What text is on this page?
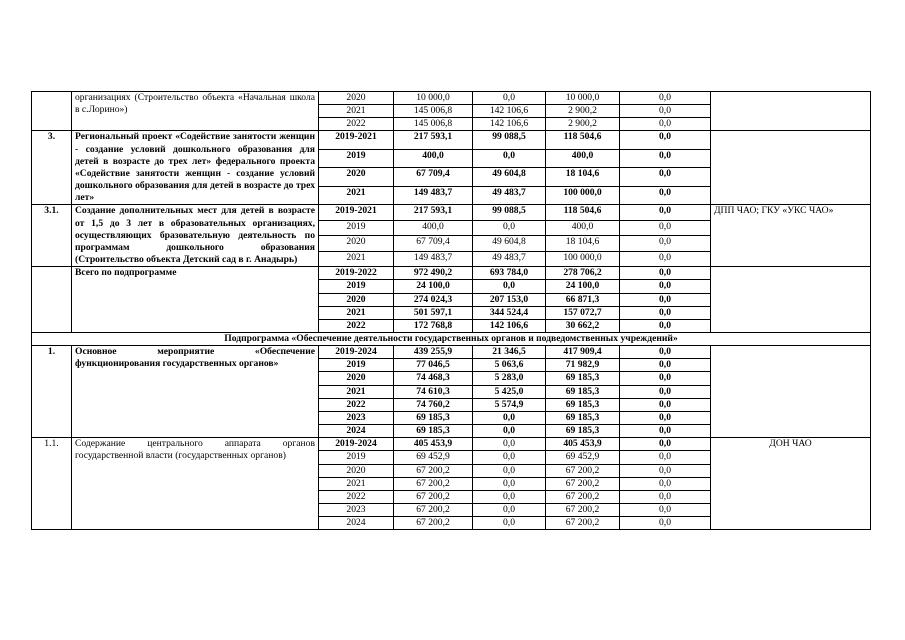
	организациях (Строительство объекта «Начальная школа в с.Лорино»)	2020	10 000,0	0,0	10 000,0	0,0	
		2021	145 006,8	142 106,6	2 900,2	0,0	
		2022	145 006,8	142 106,6	2 900,2	0,0	
3.	Региональный проект «Содействие занятости женщин - создание условий дошкольного образования для детей в возрасте до трех лет» федерального проекта «Содействие занятости женщин - создание условий дошкольного образования для детей в возрасте до трех лет»	2019-2021	217 593,1	99 088,5	118 504,6	0,0	
		2019	400,0	0,0	400,0	0,0	
		2020	67 709,4	49 604,8	18 104,6	0,0	
		2021	149 483,7	49 483,7	100 000,0	0,0	
3.1.	Создание дополнительных мест для детей в возрасте от 1,5 до 3 лет в образовательных организациях, осуществляющих бразовательную деятельность по программам дошкольного образования (Строительство объекта Детский сад в г. Анадырь)	2019-2021	217 593,1	99 088,5	118 504,6	0,0	ДПП ЧАО; ГКУ «УКС ЧАО»
		2019	400,0	0,0	400,0	0,0	
		2020	67 709,4	49 604,8	18 104,6	0,0	
		2021	149 483,7	49 483,7	100 000,0	0,0	
	Всего по подпрограмме	2019-2022	972 490,2	693 784,0	278 706,2	0,0	
		2019	24 100,0	0,0	24 100,0	0,0	
		2020	274 024,3	207 153,0	66 871,3	0,0	
		2021	501 597,1	344 524,4	157 072,7	0,0	
		2022	172 768,8	142 106,6	30 662,2	0,0	
Подпрограмма «Обеспечение деятельности государственных органов и подведомственных учреждений»							
1.	Основное мероприятие «Обеспечение функционирования государственных органов»	2019-2024	439 255,9	21 346,5	417 909,4	0,0	
		2019	77 046,5	5 063,6	71 982,9	0,0	
		2020	74 468,3	5 283,0	69 185,3	0,0	
		2021	74 610,3	5 425,0	69 185,3	0,0	
		2022	74 760,2	5 574,9	69 185,3	0,0	
		2023	69 185,3	0,0	69 185,3	0,0	
		2024	69 185,3	0,0	69 185,3	0,0	
1.1.	Содержание центрального аппарата органов государственной власти (государственных органов)	2019-2024	405 453,9	0,0	405 453,9	0,0	ДОН ЧАО
		2019	69 452,9	0,0	69 452,9	0,0	
		2020	67 200,2	0,0	67 200,2	0,0	
		2021	67 200,2	0,0	67 200,2	0,0	
		2022	67 200,2	0,0	67 200,2	0,0	
		2023	67 200,2	0,0	67 200,2	0,0	
		2024	67 200,2	0,0	67 200,2	0,0	
